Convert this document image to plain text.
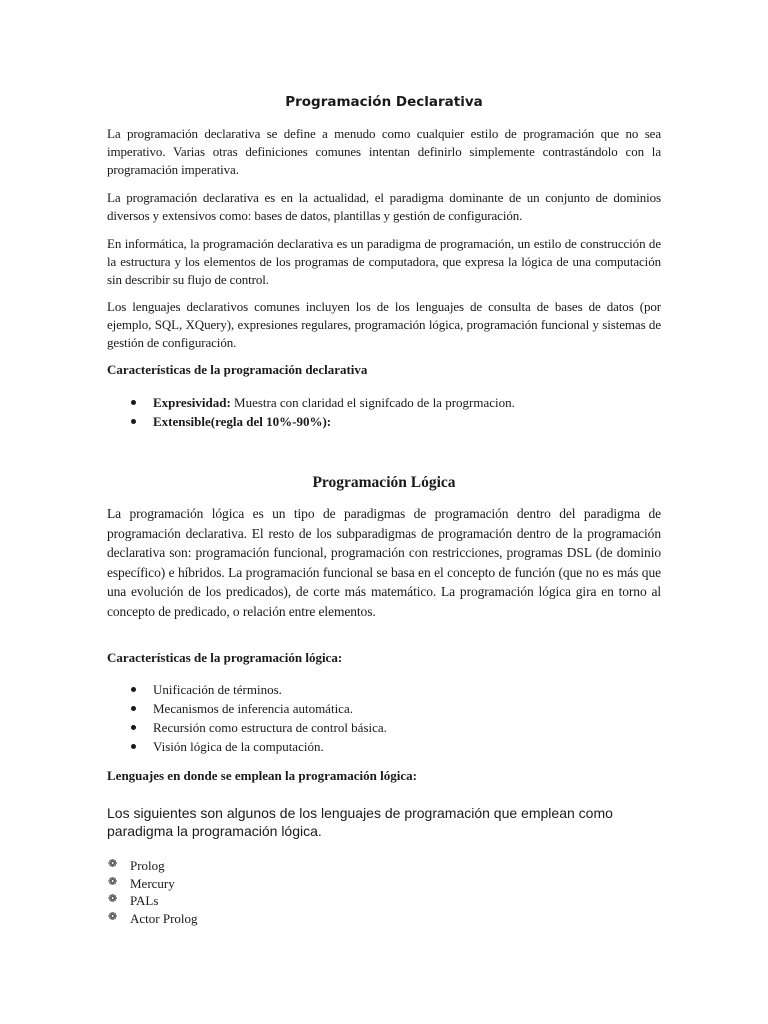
Programación Declarativa

La programación declarativa se define a menudo como cualquier estilo de programación que no sea imperativo. Varias otras definiciones comunes intentan definirlo simplemente contrastándolo con la programación imperativa.

La programación declarativa es en la actualidad, el paradigma dominante de un conjunto de dominios diversos y extensivos como: bases de datos, plantillas y gestión de configuración.

En informática, la programación declarativa es un paradigma de programación, un estilo de construcción de la estructura y los elementos de los programas de computadora, que expresa la lógica de una computación sin describir su flujo de control.

Los lenguajes declarativos comunes incluyen los de los lenguajes de consulta de bases de datos (por ejemplo, SQL, XQuery), expresiones regulares, programación lógica, programación funcional y sistemas de gestión de configuración.

Características de la programación declarativa

Expresividad: Muestra con claridad el signifcado de la progrmacion.
Extensible(regla del 10%-90%):
Programación Lógica

La programación lógica es un tipo de paradigmas de programación dentro del paradigma de programación declarativa. El resto de los subparadigmas de programación dentro de la programación declarativa son: programación funcional, programación con restricciones, programas DSL (de dominio específico) e híbridos. La programación funcional se basa en el concepto de función (que no es más que una evolución de los predicados), de corte más matemático. La programación lógica gira en torno al concepto de predicado, o relación entre elementos.

Características de la programación lógica:

Unificación de términos.
Mecanismos de inferencia automática.
Recursión como estructura de control básica.
Visión lógica de la computación.

Lenguajes en donde se emplean la programación lógica:

Los siguientes son algunos de los lenguajes de programación que emplean como paradigma la programación lógica.

❁ Prolog
❁ Mercury
❁ PALs
❁ Actor Prolog
